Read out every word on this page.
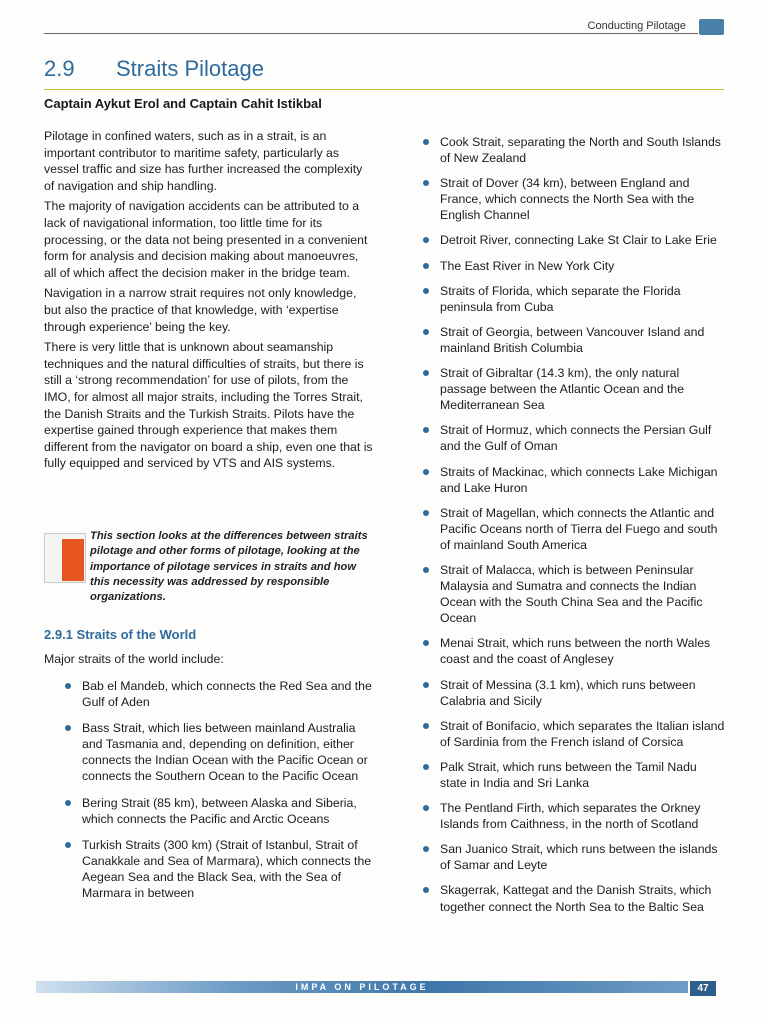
Conducting Pilotage
2.9 Straits Pilotage
Captain Aykut Erol and Captain Cahit Istikbal

Pilotage in confined waters, such as in a strait, is an important contributor to maritime safety, particularly as vessel traffic and size has further increased the complexity of navigation and ship handling.

The majority of navigation accidents can be attributed to a lack of navigational information, too little time for its processing, or the data not being presented in a convenient form for analysis and decision making about manoeuvres, all of which affect the decision maker in the bridge team.

Navigation in a narrow strait requires not only knowledge, but also the practice of that knowledge, with ‘expertise through experience’ being the key.

There is very little that is unknown about seamanship techniques and the natural difficulties of straits, but there is still a ‘strong recommendation’ for use of pilots, from the IMO, for almost all major straits, including the Torres Strait, the Danish Straits and the Turkish Straits. Pilots have the expertise gained through experience that makes them different from the navigator on board a ship, even one that is fully equipped and serviced by VTS and AIS systems.

This section looks at the differences between straits pilotage and other forms of pilotage, looking at the importance of pilotage services in straits and how this necessity was addressed by responsible organizations.
2.9.1 Straits of the World
Major straits of the world include:
Bab el Mandeb, which connects the Red Sea and the Gulf of Aden
Bass Strait, which lies between mainland Australia and Tasmania and, depending on definition, either connects the Indian Ocean with the Pacific Ocean or connects the Southern Ocean to the Pacific Ocean
Bering Strait (85 km), between Alaska and Siberia, which connects the Pacific and Arctic Oceans
Turkish Straits (300 km) (Strait of Istanbul, Strait of Canakkale and Sea of Marmara), which connects the Aegean Sea and the Black Sea, with the Sea of Marmara in between
Cook Strait, separating the North and South Islands of New Zealand
Strait of Dover (34 km), between England and France, which connects the North Sea with the English Channel
Detroit River, connecting Lake St Clair to Lake Erie
The East River in New York City
Straits of Florida, which separate the Florida peninsula from Cuba
Strait of Georgia, between Vancouver Island and mainland British Columbia
Strait of Gibraltar (14.3 km), the only natural passage between the Atlantic Ocean and the Mediterranean Sea
Strait of Hormuz, which connects the Persian Gulf and the Gulf of Oman
Straits of Mackinac, which connects Lake Michigan and Lake Huron
Strait of Magellan, which connects the Atlantic and Pacific Oceans north of Tierra del Fuego and south of mainland South America
Strait of Malacca, which is between Peninsular Malaysia and Sumatra and connects the Indian Ocean with the South China Sea and the Pacific Ocean
Menai Strait, which runs between the north Wales coast and the coast of Anglesey
Strait of Messina (3.1 km), which runs between Calabria and Sicily
Strait of Bonifacio, which separates the Italian island of Sardinia from the French island of Corsica
Palk Strait, which runs between the Tamil Nadu state in India and Sri Lanka
The Pentland Firth, which separates the Orkney Islands from Caithness, in the north of Scotland
San Juanico Strait, which runs between the islands of Samar and Leyte
Skagerrak, Kattegat and the Danish Straits, which together connect the North Sea to the Baltic Sea
IMPA ON PILOTAGE	47
